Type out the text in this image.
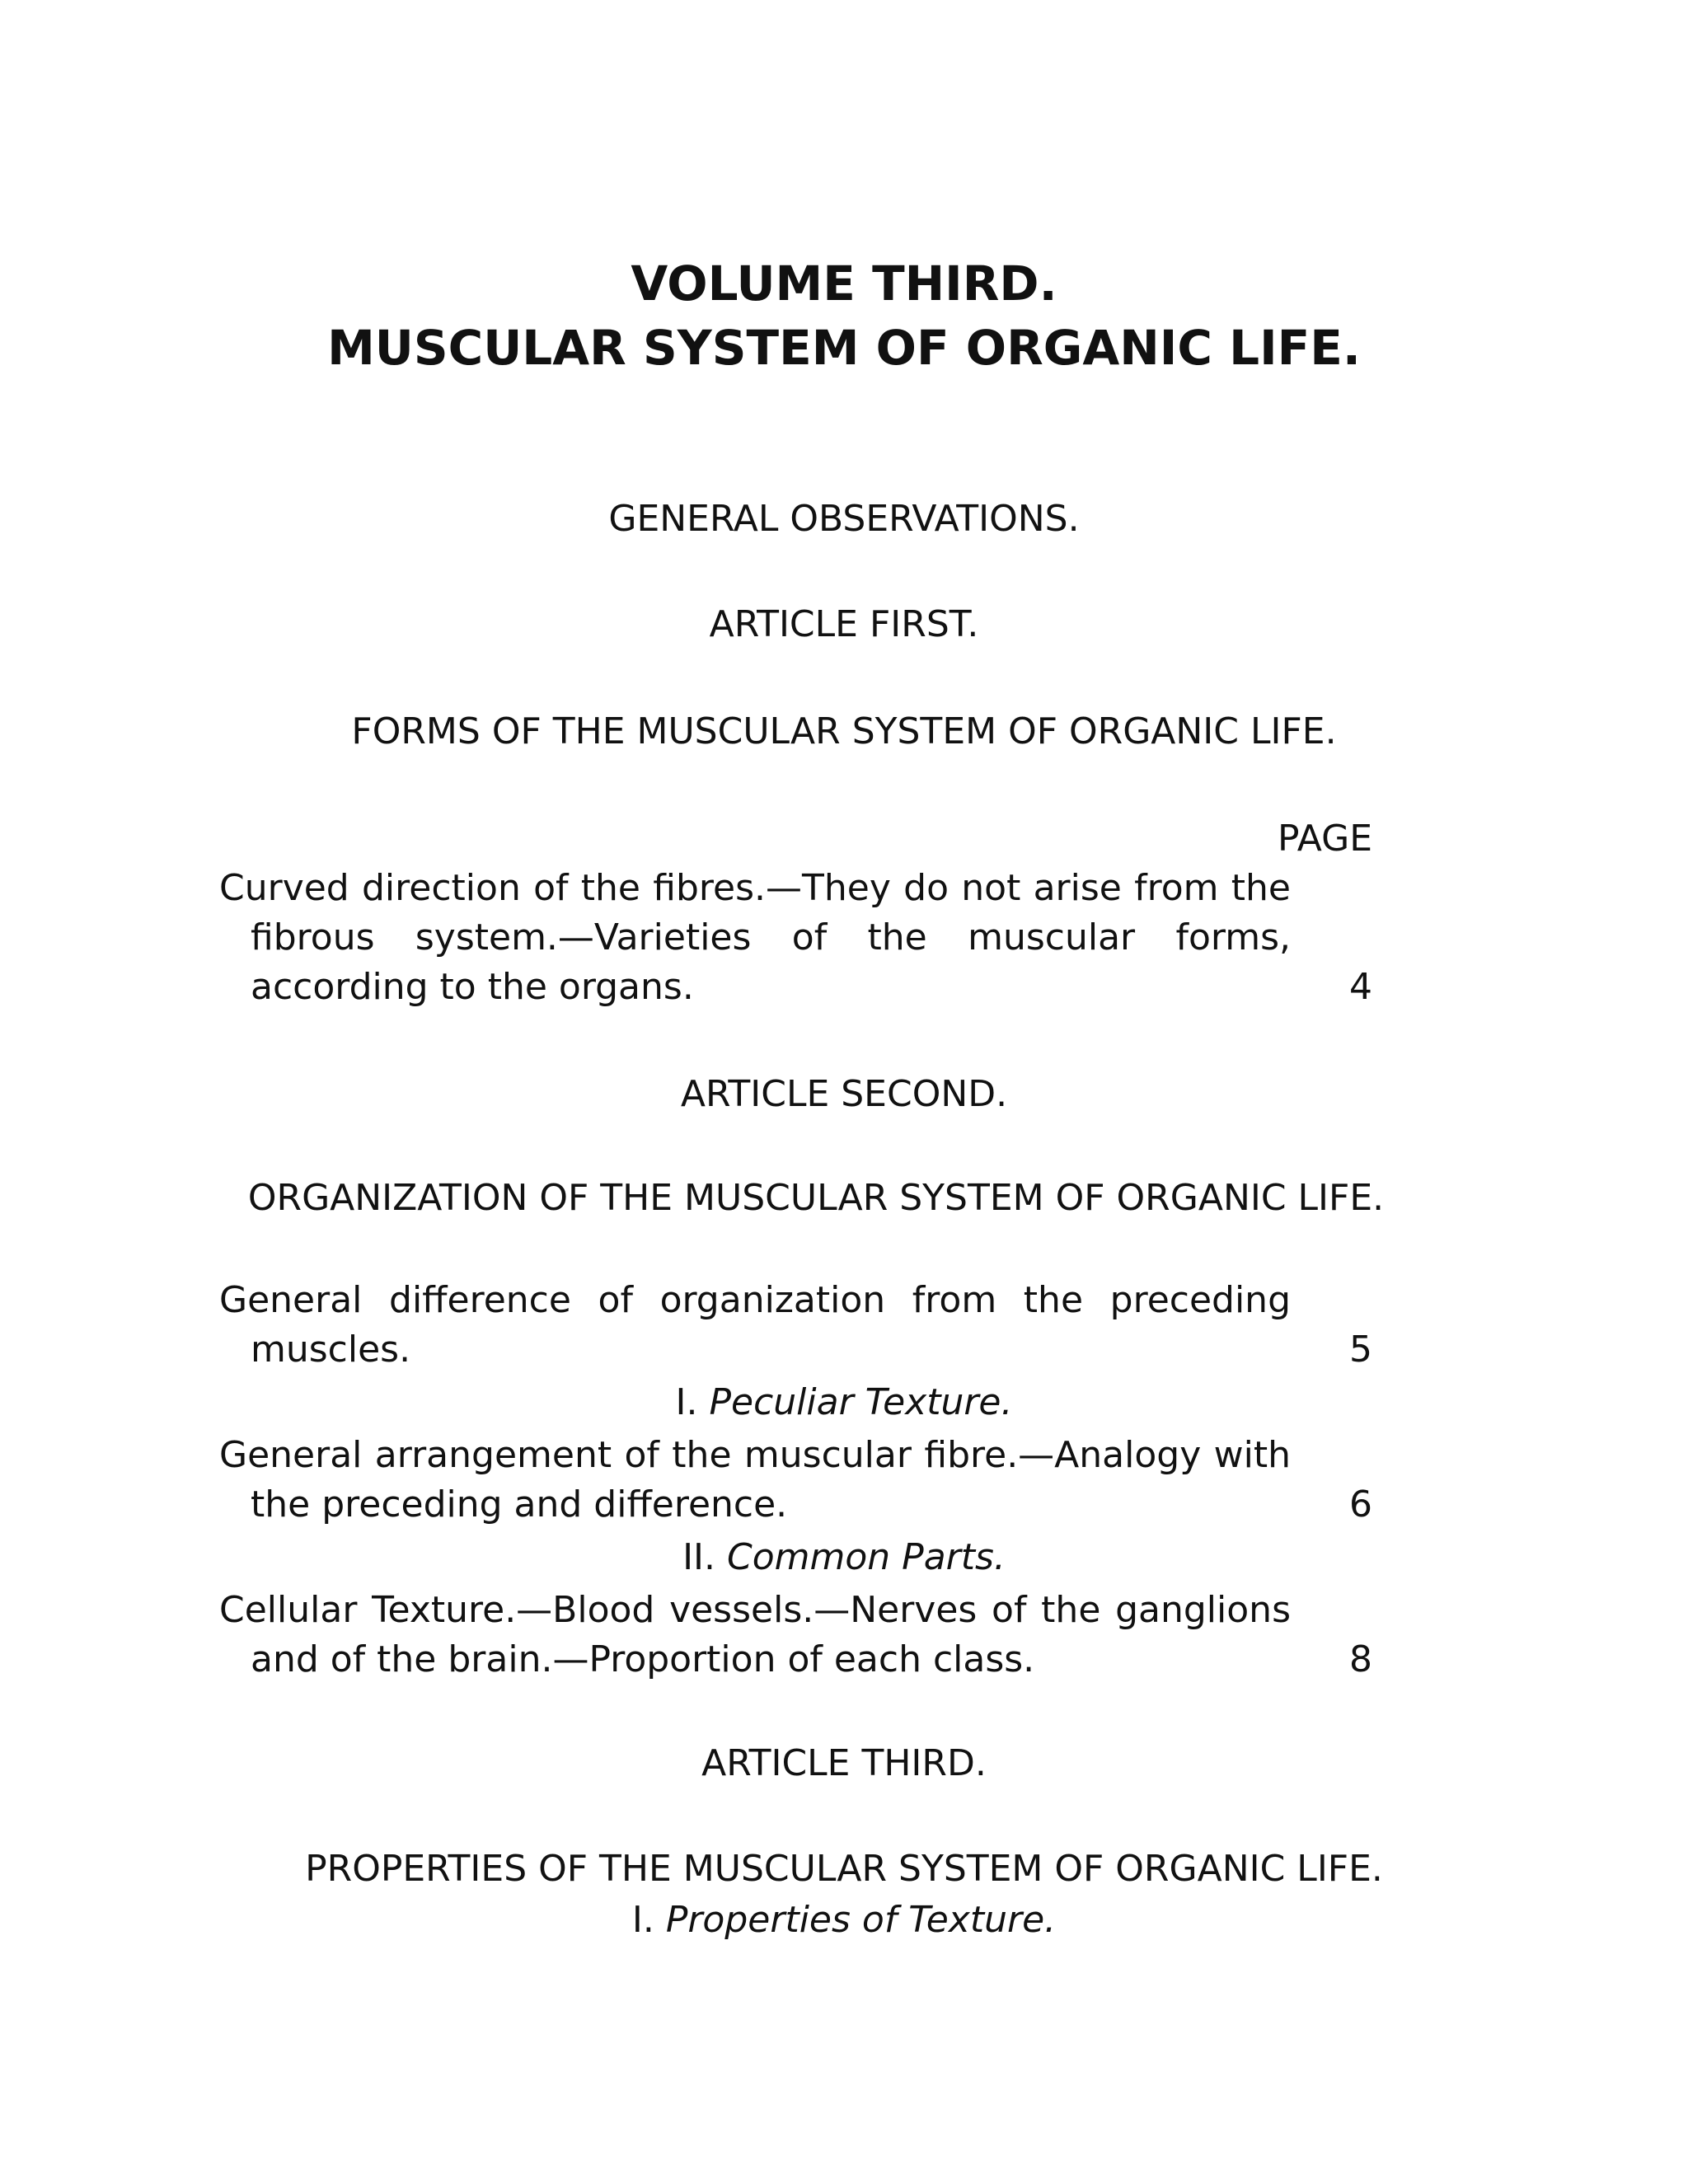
VOLUME THIRD.
MUSCULAR SYSTEM OF ORGANIC LIFE.

GENERAL OBSERVATIONS.

ARTICLE FIRST.

FORMS OF THE MUSCULAR SYSTEM OF ORGANIC LIFE.

PAGE
Curved direction of the fibres.—They do not arise from the fibrous system.—Varieties of the muscular forms, according to the organs.	4

ARTICLE SECOND.

ORGANIZATION OF THE MUSCULAR SYSTEM OF ORGANIC LIFE.

General difference of organization from the preceding muscles.	5

I. Peculiar Texture.

General arrangement of the muscular fibre.—Analogy with the preceding and difference.	6

II. Common Parts.

Cellular Texture.—Blood vessels.—Nerves of the ganglions and of the brain.—Proportion of each class.	8

ARTICLE THIRD.

PROPERTIES OF THE MUSCULAR SYSTEM OF ORGANIC LIFE.

I. Properties of Texture.
